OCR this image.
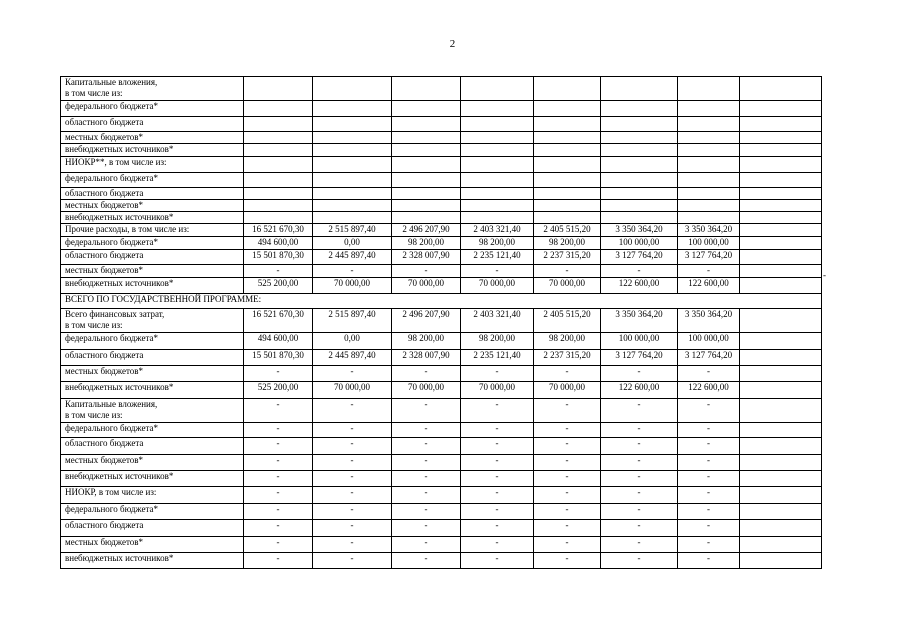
2
Капитальные вложения,
в том числе из:								

федерального бюджета*								

областного бюджета								

местных бюджетов*								

внебюджетных источников*								

НИОКР**, в том числе из:								

федерального бюджета*								

областного бюджета								

местных бюджетов*								

внебюджетных источников*								

Прочие расходы, в том числе из:	16 521 670,30	2 515 897,40	2 496 207,90	2 403 321,40	2 405 515,20	3 350 364,20	3 350 364,20	

федерального бюджета*	494 600,00	0,00	98 200,00	98 200,00	98 200,00	100 000,00	100 000,00	

областного бюджета	15 501 870,30	2 445 897,40	2 328 007,90	2 235 121,40	2 237 315,20	3 127 764,20	3 127 764,20	

местных бюджетов*	-	-	-	-	-	-	-	

внебюджетных источников*	525 200,00	70 000,00	70 000,00	70 000,00	70 000,00	122 600,00	122 600,00	
ВСЕГО ПО ГОСУДАРСТВЕННОЙ ПРОГРАММЕ:								

Всего финансовых затрат,
в том числе из:	16 521 670,30	2 515 897,40	2 496 207,90	2 403 321,40	2 405 515,20	3 350 364,20	3 350 364,20	

федерального бюджета*	494 600,00	0,00	98 200,00	98 200,00	98 200,00	100 000,00	100 000,00	

областного бюджета	15 501 870,30	2 445 897,40	2 328 007,90	2 235 121,40	2 237 315,20	3 127 764,20	3 127 764,20	

местных бюджетов*	-	-	-	-	-	-	-	

внебюджетных источников*	525 200,00	70 000,00	70 000,00	70 000,00	70 000,00	122 600,00	122 600,00	

Капитальные вложения,
в том числе из:	-	-	-	-	-	-	-	

федерального бюджета*	-	-	-	-	-	-	-	

областного бюджета	-	-	-	-	-	-	-	

местных бюджетов*	-	-	-	-	-	-	-	

внебюджетных источников*	-	-	-	-	-	-	-	

НИОКР, в том числе из:	-	-	-	-	-	-	-	

федерального бюджета*	-	-	-	-	-	-	-	

областного бюджета	-	-	-	-	-	-	-	

местных бюджетов*	-	-	-	-	-	-	-	

внебюджетных источников*	-	-	-	-	-	-	-	
-
